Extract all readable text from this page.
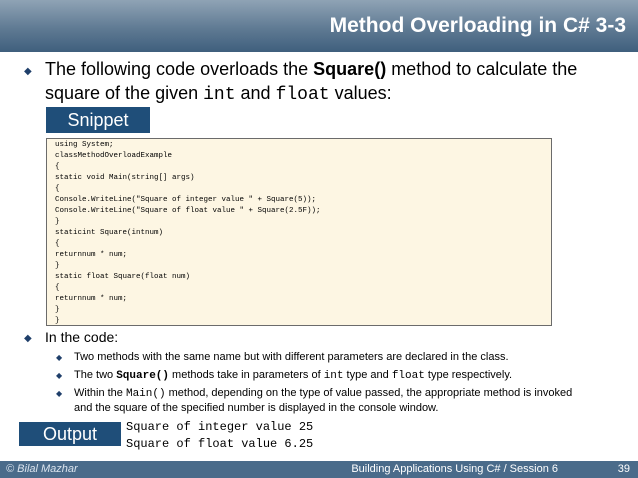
Method Overloading in C# 3-3
◆ The following code overloads the Square() method to calculate the square of the given int and float values:
Snippet
using System;
classMethodOverloadExample
{
static void Main(string[] args)
{
Console.WriteLine("Square of integer value " + Square(5));
Console.WriteLine("Square of float value " + Square(2.5F));
}
staticint Square(intnum)
{
returnnum * num;
}
static float Square(float num)
{
returnnum * num;
}
}
◆ In the code:
◆ Two methods with the same name but with different parameters are declared in the class.
◆ The two Square() methods take in parameters of int type and float type respectively.
◆ Within the Main() method, depending on the type of value passed, the appropriate method is invoked
and the square of the specified number is displayed in the console window.
Output	Square of integer value 25
Square of float value 6.25
© Bilal Mazhar	Building Applications Using C# / Session 6	39
